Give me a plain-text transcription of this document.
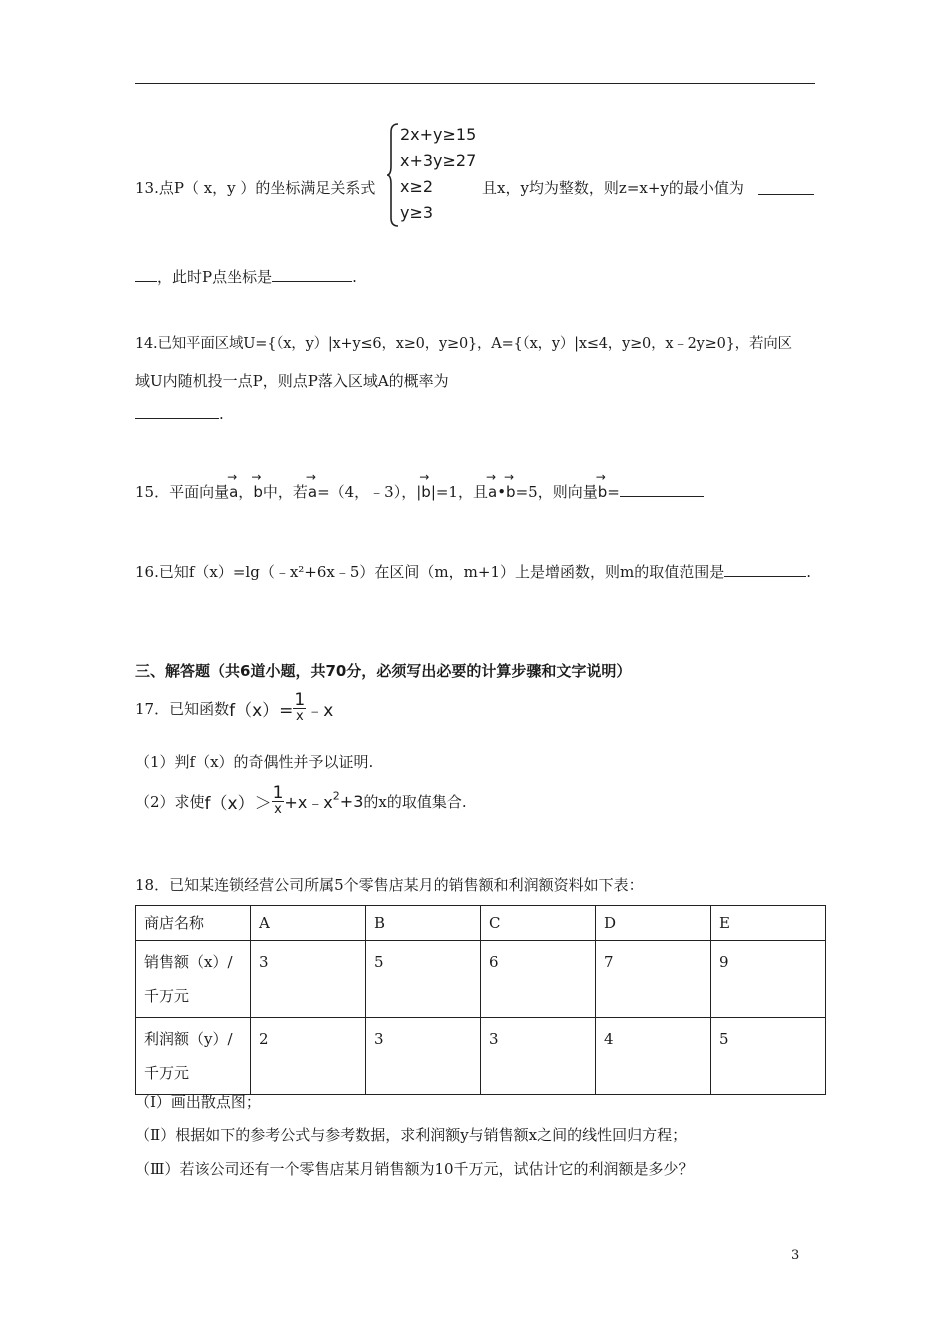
13.点P（ x，y ）的坐标满足关系式
2x+y≥15
x+3y≥27
x≥2
y≥3
且x，y均为整数，则z=x+y的最小值为
，此时P点坐标是	.
14.已知平面区域U={（x，y）|x+y≤6，x≥0，y≥0}，A={（x，y）|x≤4，y≥0，x﹣2y≥0}，若向区
域U内随机投一点P，则点P落入区域A的概率为
.
15．平面向量→ a，→ b中，若→ a=（4，﹣3），|→ b|=1，且→ a•→ b=5，则向量→ b=
16.已知f（x）=lg（﹣x²+6x﹣5）在区间（m，m+1）上是增函数，则m的取值范围是	.
三、解答题（共6道小题，共70分，必须写出必要的计算步骤和文字说明）
17．已知函数$f(x)= \frac{1}{x}$ ﹣x
（1）判f（x）的奇偶性并予以证明.
（2）求使$f(x)> \frac{1}{x}$ $+x﹣x^2+3$的x的取值集合.
18．已知某连锁经营公司所属5个零售店某月的销售额和利润额资料如下表：
商店名称	A	B	C	D	E
销售额（x）/
千万元	3	5	6	7	9
利润额（y）/
千万元	2	3	3	4	5
（Ⅰ）画出散点图；
（Ⅱ）根据如下的参考公式与参考数据，求利润额y与销售额x之间的线性回归方程；
（Ⅲ）若该公司还有一个零售店某月销售额为10千万元，试估计它的利润额是多少？
3
